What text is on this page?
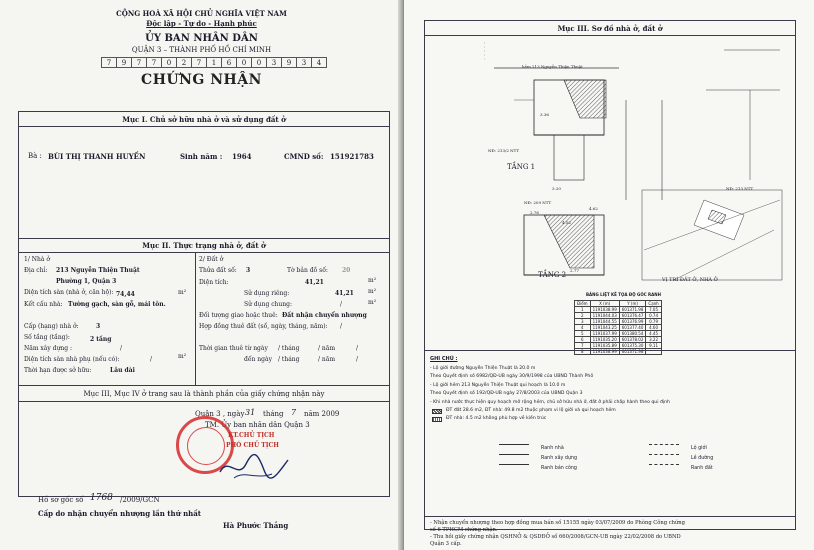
CỘNG HOÀ XÃ HỘI CHỦ NGHĨA VIỆT NAM
Độc lập - Tự do - Hạnh phúc
ỦY BAN NHÂN DÂN
QUẬN 3 – THÀNH PHỐ HỒ CHÍ MINH
7	9	7	7	0	2	7	1	6	0	0	3	9	3	4
CHỨNG NHẬN
Mục I. Chủ sở hữu nhà ở và sử dụng đất ở
Bà : BÙI THỊ THANH HUYỀN	Sinh năm : 1964	CMND số: 151921783
Mục II. Thực trạng nhà ở, đất ở
1/ Nhà ở
Địa chỉ: 213 Nguyễn Thiện Thuật
Phường 1, Quận 3
Diện tích sàn (nhà ở, căn hộ): 74,44	m²
Kết cấu nhà: Tường gạch, sàn gỗ, mái tôn.
Cấp (hạng) nhà ở:	3
Số tầng (tầng):	2 tầng
Năm xây dựng :	/
Diện tích sàn nhà phụ (nếu có):	/	m²
Thời hạn được sở hữu:	Lâu dài
2/ Đất ở
Thửa đất số: 3	Tờ bản đồ số: 20
Diện tích:	41,21	m²
Sử dụng riêng:	41,21 m²
Sử dụng chung:	/	m²
Đối tượng giao hoặc thuê: Đất nhận chuyển nhượng
Hợp đồng thuê đất (số, ngày, tháng, năm): /
Thời gian thuê từ ngày / tháng	/ năm	/
đến ngày / tháng	/ năm	/
Mục III, Mục IV ở trang sau là thành phần của giấy chứng nhận này
Quận 3 , ngày 31 tháng 7 năm 2009
TM. Ủy ban nhân dân Quận 3
KT.CHỦ TỊCH
PHÓ CHỦ TỊCH
Hà Phước Thắng
Hồ sơ gốc số 1768 /2009/GCN
Cấp do nhận chuyển nhượng lần thứ nhất
Mục III. Sơ đồ nhà ở, đất ở
hẻm 213 Nguyễn Thiện Thuật
NĐ: 213/2 NTT
NĐ: 209 NTT
NĐ: 213 NTT
TẦNG 1
TẦNG 2
VỊ TRÍ ĐẤT Ở, NHÀ Ở
3.20
3.36
2.76
4.62
2.77
4.52
BẢNG LIỆT KÊ TỌA ĐỘ GÓC RANH
Điểm	X (m)	Y (m)	Cạnh
1	1191038.99	601371.98	7.05
2	1191044.03	601376.47	0.74
3	1191044.55	601376.99	0.79
4	1191043.25	601377.40	4.60
5	1191037.99	601380.54	4.45
6	1191035.20	601378.02	3.22
7	1191035.89	601375.30	9.11
8	1191038.99	601371.98	
GHI CHÚ :
- Lộ giới đường Nguyễn Thiện Thuật là 20.0 m
Theo Quyết định số 6982/QĐ-UB ngày 30/9/1998 của UBND Thành Phố
- Lộ giới hẻm 213 Nguyễn Thiện Thuật qui hoạch là 10.0 m
Theo Quyết định số 192/QĐ-UB ngày 27/8/2003 của UBND Quận 3
- Khi nhà nước thực hiện quy hoạch mở rộng hẻm, chủ sở hữu nhà ở, đất ở phải chấp hành theo qui định
ĐT đất 28.6 m2, ĐT nhà: 49.8 m2 thuộc phạm vi lộ giới và qui hoạch hẻm
ĐT nhà: 4.5 m2 không phù hợp về kiến trúc
Ranh nhà	Lộ giới
Ranh xây dựng	Lề đường
Ranh bán công	Ranh đất
- Nhận chuyển nhượng theo hợp đồng mua bán số 15155 ngày 03/07/2009 do Phòng Công chứng
số 6 TPHCM chứng nhận.
- Thu hồi giấy chứng nhận QSHNỞ & QSDĐỞ số 660/2008/GCN-UB ngày 22/02/2008 do UBND
Quận 3 cấp.
